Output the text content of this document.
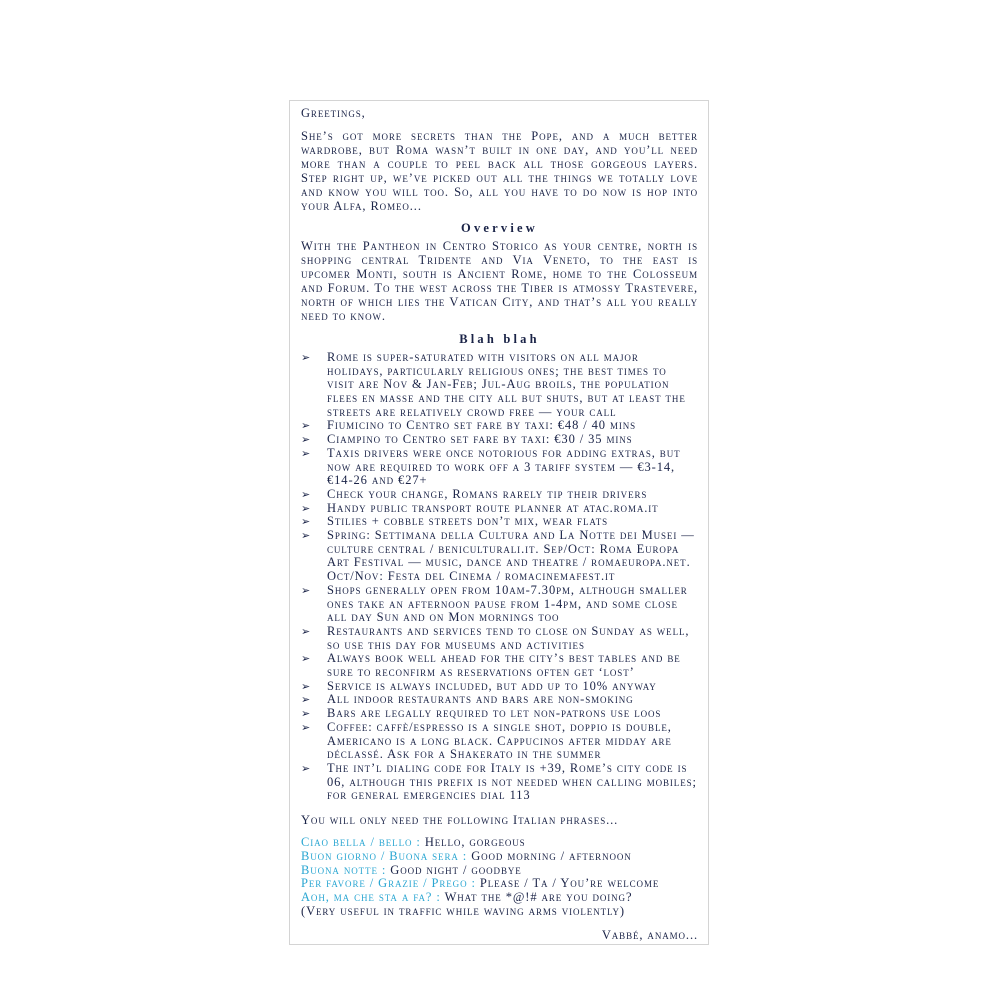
Greetings,

She’s got more secrets than the Pope, and a much better wardrobe, but Roma wasn’t built in one day, and you’ll need more than a couple to peel back all those gorgeous layers. Step right up, we’ve picked out all the things we totally love and know you will too. So, all you have to do now is hop into your Alfa, Romeo...

Overview

With the Pantheon in Centro Storico as your centre, north is shopping central Tridente and Via Veneto, to the east is upcomer Monti, south is Ancient Rome, home to the Colosseum and Forum. To the west across the Tiber is atmossy Trastevere, north of which lies the Vatican City, and that’s all you really need to know.

Blah blah
➢ Rome is super-saturated with visitors on all major holidays, particularly religious ones; the best times to visit are Nov & Jan-Feb; Jul-Aug broils, the population flees en masse and the city all but shuts, but at least the streets are relatively crowd free — your call
➢ Fiumicino to Centro set fare by taxi: €48 / 40 mins
➢ Ciampino to Centro set fare by taxi: €30 / 35 mins
➢ Taxis drivers were once notorious for adding extras, but now are required to work off a 3 tariff system — €3-14, €14-26 and €27+
➢ Check your change, Romans rarely tip their drivers
➢ Handy public transport route planner at atac.roma.it
➢ Stilies + cobble streets don’t mix, wear flats
➢ Spring: Settimana della Cultura and La Notte dei Musei — culture central / beniculturali.it. Sep/Oct: Roma Europa Art Festival — music, dance and theatre / romaeuropa.net. Oct/Nov: Festa del Cinema / romacinemafest.it
➢ Shops generally open from 10am-7.30pm, although smaller ones take an afternoon pause from 1-4pm, and some close all day Sun and on Mon mornings too
➢ Restaurants and services tend to close on Sunday as well, so use this day for museums and activities
➢ Always book well ahead for the city’s best tables and be sure to reconfirm as reservations often get ‘lost’
➢ Service is always included, but add up to 10% anyway
➢ All indoor restaurants and bars are non-smoking
➢ Bars are legally required to let non-patrons use loos
➢ Coffee: caffè/espresso is a single shot, doppio is double, Americano is a long black. Cappucinos after midday are déclassé. Ask for a Shakerato in the summer
➢ The int’l dialing code for Italy is +39, Rome’s city code is 06, although this prefix is not needed when calling mobiles; for general emergencies dial 113

You will only need the following Italian phrases...

Ciao bella / bello : Hello, gorgeous
Buon giorno / Buona sera : Good morning / afternoon
Buona notte : Good night / goodbye
Per favore / Grazie / Prego : Please / Ta / You’re welcome
Aoh, ma che sta a fa? : What the *@!# are you doing?

(Very useful in traffic while waving arms violently)

Vabbé, anamo...
